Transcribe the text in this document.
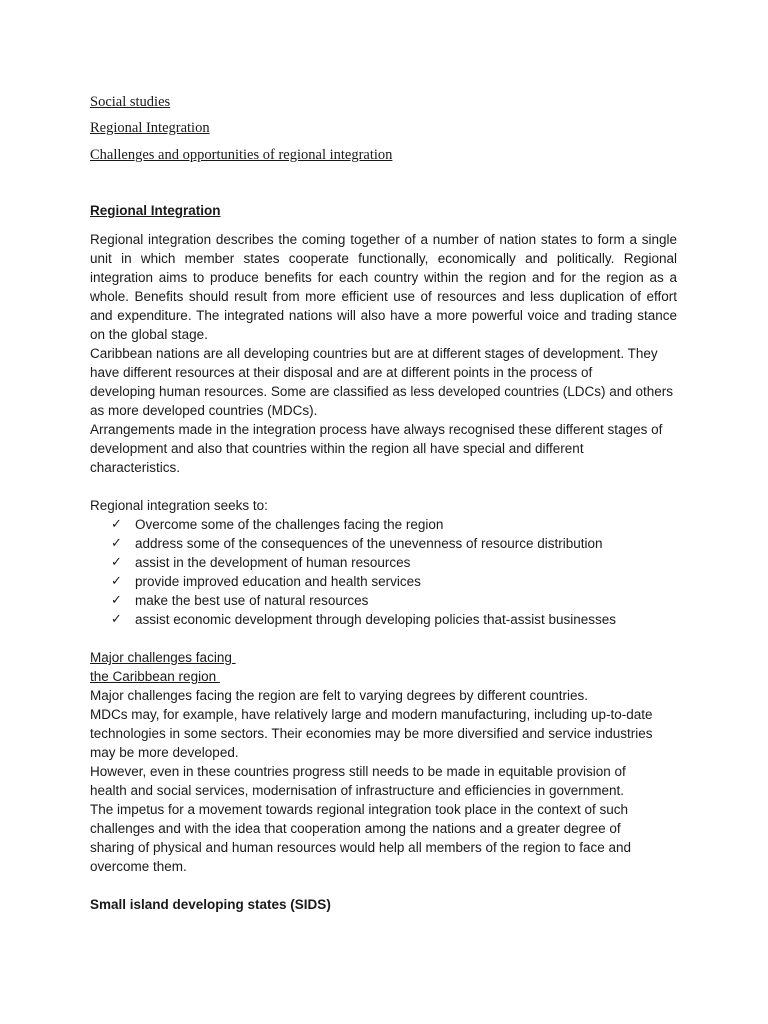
Social studies
Regional Integration
Challenges and opportunities of regional integration

Regional Integration

Regional integration describes the coming together of a number of nation states to form a single unit in which member states cooperate functionally, economically and politically. Regional integration aims to produce benefits for each country within the region and for the region as a whole. Benefits should result from more efficient use of resources and less duplication of effort and expenditure. The integrated nations will also have a more powerful voice and trading stance on the global stage.

Caribbean nations are all developing countries but are at different stages of development. They
have different resources at their disposal and are at different points in the process of
developing human resources. Some are classified as less developed countries (LDCs) and others
as more developed countries (MDCs).
Arrangements made in the integration process have always recognised these different stages of
development and also that countries within the region all have special and different
characteristics.
Regional integration seeks to:
✓ Overcome some of the challenges facing the region
✓ address some of the consequences of the unevenness of resource distribution
✓ assist in the development of human resources
✓ provide improved education and health services
✓ make the best use of natural resources
✓ assist economic development through developing policies that-assist businesses
Major challenges facing
the Caribbean region
Major challenges facing the region are felt to varying degrees by different countries.
MDCs may, for example, have relatively large and modern manufacturing, including up-to-date
technologies in some sectors. Their economies may be more diversified and service industries
may be more developed.
However, even in these countries progress still needs to be made in equitable provision of
health and social services, modernisation of infrastructure and efficiencies in government.
The impetus for a movement towards regional integration took place in the context of such
challenges and with the idea that cooperation among the nations and a greater degree of
sharing of physical and human resources would help all members of the region to face and
overcome them.
Small island developing states (SIDS)
